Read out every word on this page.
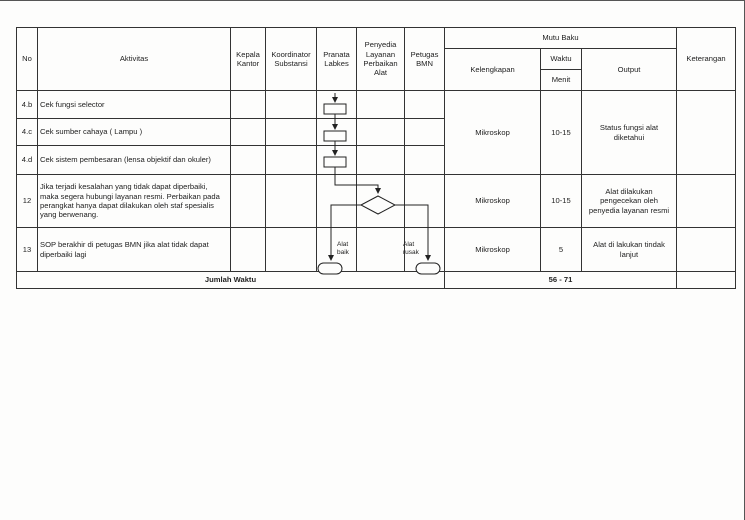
No	Aktivitas	Kepala Kantor	Koordinator Substansi	Pranata Labkes	Penyedia Layanan Perbaikan Alat	Petugas BMN	Mutu Baku			Keterangan
							Kelengkapan	Waktu	Output	
								Menit		
4.b	Cek fungsi selector						Mikroskop	10-15	Status fungsi alat diketahui	
4.c	Cek sumber cahaya ( Lampu )									
4.d	Cek sistem pembesaran (lensa objektif dan okuler)									
12	Jika terjadi kesalahan yang tidak dapat diperbaiki, maka segera hubungi layanan resmi. Perbaikan pada perangkat hanya dapat dilakukan oleh staf spesialis yang berwenang.						Mikroskop	10-15	Alat dilakukan pengecekan oleh penyedia layanan resmi	
13	SOP berakhir di petugas BMN jika alat tidak dapat diperbaiki lagi						Mikroskop	5	Alat di lakukan tindak lanjut	
Jumlah Waktu							56 - 71			
Alat baik
Alat rusak
